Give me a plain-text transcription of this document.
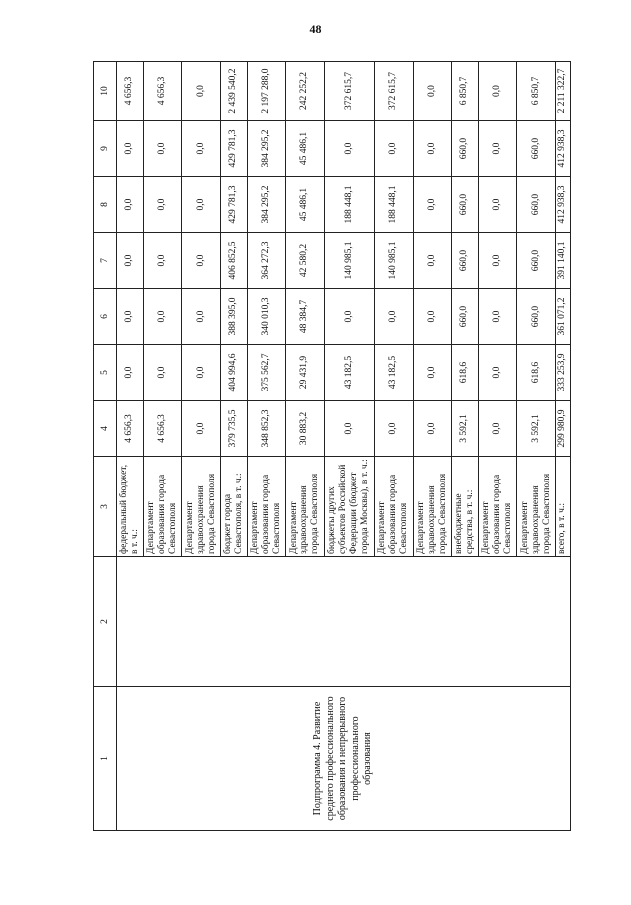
48
1	2	3	4	5	6	7	8	9	10
Подпрограмма 4. Развитие среднего профессионального образования и непрерывного профессионального образования		федеральный бюджет, в т. ч.:	4 656,3	0,0	0,0	0,0	0,0	0,0	4 656,3
		Департамент образования города Севастополя	4 656,3	0,0	0,0	0,0	0,0	0,0	4 656,3
		Департамент здравоохранения города Севастополя	0,0	0,0	0,0	0,0	0,0	0,0	0,0
		бюджет города Севастополя, в т. ч.:	379 735,5	404 994,6	388 395,0	406 852,5	429 781,3	429 781,3	2 439 540,2
		Департамент образования города Севастополя	348 852,3	375 562,7	340 010,3	364 272,3	384 295,2	384 295,2	2 197 288,0
		Департамент здравоохранения города Севастополя	30 883,2	29 431,9	48 384,7	42 580,2	45 486,1	45 486,1	242 252,2
		бюджеты других субъектов Российской Федерации (бюджет города Москвы), в т. ч.:	0,0	43 182,5	0,0	140 985,1	188 448,1	0,0	372 615,7
		Департамент образования города Севастополя	0,0	43 182,5	0,0	140 985,1	188 448,1	0,0	372 615,7
		Департамент здравоохранения города Севастополя	0,0	0,0	0,0	0,0	0,0	0,0	0,0
		внебюджетные средства, в т. ч.:	3 592,1	618,6	660,0	660,0	660,0	660,0	6 850,7
		Департамент образования города Севастополя	0,0	0,0	0,0	0,0	0,0	0,0	0,0
		Департамент здравоохранения города Севастополя	3 592,1	618,6	660,0	660,0	660,0	660,0	6 850,7
		всего, в т. ч.:	299 980,9	333 253,9	361 071,2	391 140,1	412 938,3	412 938,3	2 211 322,7
